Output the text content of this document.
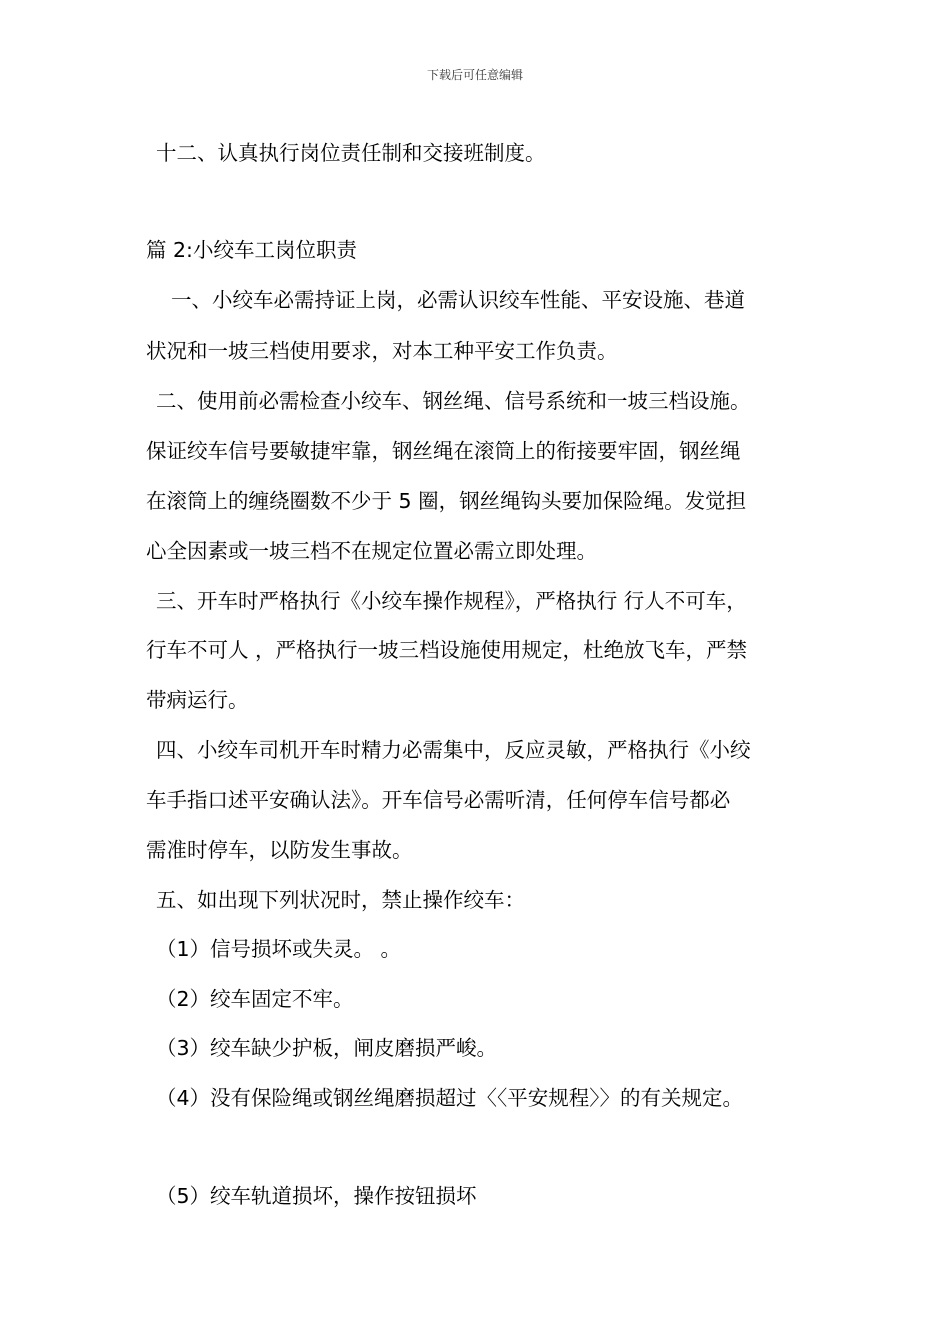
下载后可任意编辑
十二、认真执行岗位责任制和交接班制度。
篇 2:小绞车工岗位职责
一、小绞车必需持证上岗，必需认识绞车性能、平安设施、巷道
状况和一坡三档使用要求，对本工种平安工作负责。
二、使用前必需检查小绞车、钢丝绳、信号系统和一坡三档设施。
保证绞车信号要敏捷牢靠，钢丝绳在滚筒上的衔接要牢固，钢丝绳
在滚筒上的缠绕圈数不少于 5 圈，钢丝绳钩头要加保险绳。发觉担
心全因素或一坡三档不在规定位置必需立即处理。
三、开车时严格执行《小绞车操作规程》，严格执行 行人不可车，
行车不可人 ，严格执行一坡三档设施使用规定，杜绝放飞车，严禁
带病运行。
四、小绞车司机开车时精力必需集中，反应灵敏，严格执行《小绞
车手指口述平安确认法》。开车信号必需听清，任何停车信号都必
需准时停车，以防发生事故。
五、如出现下列状况时，禁止操作绞车：
（1）信号损坏或失灵。 。
（2）绞车固定不牢。
（3）绞车缺少护板，闸皮磨损严峻。
（4）没有保险绳或钢丝绳磨损超过〈〈平安规程〉〉的有关规定。
（5）绞车轨道损坏，操作按钮损坏
